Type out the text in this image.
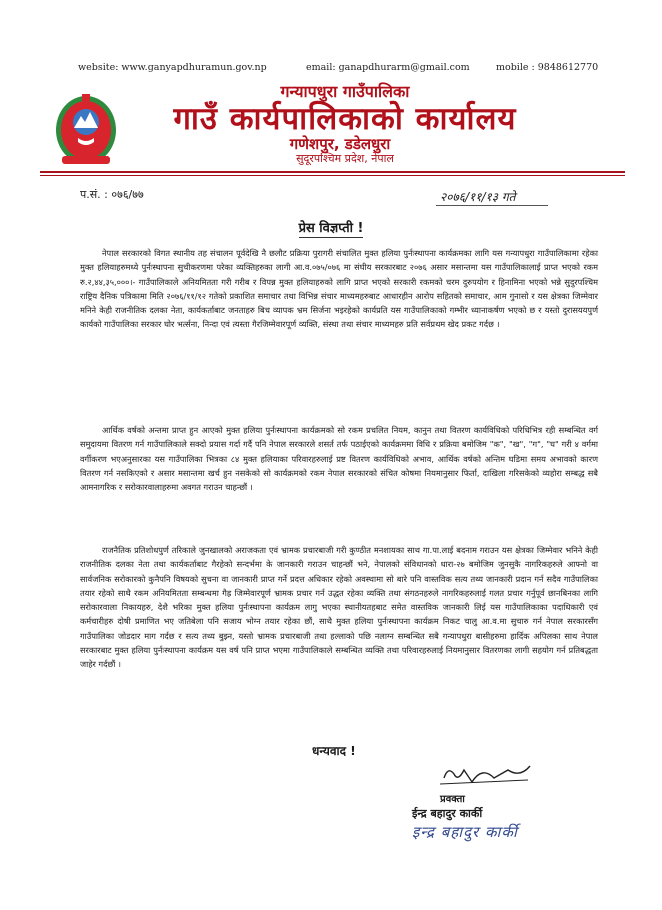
website: www.ganyapdhuramun.gov.np	email: ganapdhurarm@gmail.com	mobile : 9848612770
गन्यापधुरा गाउँपालिका
गाउँ कार्यपालिकाको कार्यालय
गणेशपुर, डडेलधुरा
सुदूरपश्चिम प्रदेश, नेपाल
प.सं. : ०७६/७७	२०७६/११/१३ गते
प्रेस विज्ञप्ती !
नेपाल सरकारको विगत स्थानीय तह संचालन पूर्वदेखि नै छलौट प्रक्रिया पुरागरी संचालित मुक्त हलिया पुर्नःस्थापना कार्यक्रमका लागि यस गन्यापधुरा गाउँपालिकामा रहेका मुक्त हलियाहरुमध्ये पुर्नःस्थापना सुचीकरणमा परेका व्यक्तिहरुका लागी आ.व.०७५/०७६ मा संघीय सरकारबाट २०७६ असार मसान्तमा यस गाउँपालिकालाई प्राप्त भएको रकम रु.२,४४,३५,०००।- गाउँपालिकाले अनियमितता गरी गरीब र विपन्न मुक्त हलियाहरुको लागि प्राप्त भएको सरकारी रकमको चरम दुरुपयोग र हिनामिना भएको भन्ने सुदुरपश्चिम राष्ट्रिय दैनिक पत्रिकामा मिति २०७६/११/१२ गतेको प्रकाशित समाचार तथा विभिन्न संचार माध्यमहरुबाट आधारहीन आरोप सहितको समाचार, आम गुनासो र यस क्षेत्रका जिम्मेवार मनिने केही राजनीतिक दलका नेता, कार्यकर्ताबाट जनताहरु बिच व्यापक भ्रम सिर्जना भइरहेको कार्यप्रति यस गाउँपालिकाको गम्भीर ध्यानाकर्षण भएको छ र यस्तो दुरासययपुर्ण कार्यको गाउँपालिका सरकार घोर भर्त्सना, निन्दा एवं त्यस्ता गैरजिम्मेवारपूर्ण व्यक्ति, संस्था तथा संचार माध्यमहरु प्रति सर्वप्रथम खेद प्रकट गर्दछ ।
आर्थिक वर्षको अन्तमा प्राप्त हुन आएको मुक्त हलिया पुर्नःस्थापना कार्यक्रमको सो रकम प्रचलित नियम, कानुन तथा वितरण कार्यविधिको परिधिभित्र रही सम्बन्धित वर्ग समुदायमा वितरण गर्न गाउँपालिकाले सक्दो प्रयास गर्दा गर्दै पनि नेपाल सरकारले शसर्त तर्फ पठाईएको कार्यक्रममा विधि र प्रक्रिया बमोजिम "क", "ख", "ग", "घ" गरी ४ वर्गमा वर्गीकरण भएअनुसारका यस गाउँपालिका भित्रका ८४ मुक्त हलियाका परिवारहरुलाई प्रष्ट वितरण कार्यविधिको अभाव, आर्थिक वर्षको अन्तिम घडिमा समय अभावको कारण वितरण गर्न नसकिएको र असार मसान्तमा खर्च हुन नसकेको सो कार्यक्रमको रकम नेपाल सरकारको संचित कोषमा नियमानुसार फिर्ता, दाखिला गरिसकेको व्यहोरा सम्बद्ध सबै आमनागरिक र सरोकारवालाहरुमा अवगत गराउन चाहन्छौं ।
राजनैतिक प्रतिशोधपुर्ण तरिकाले जुनखालको अराजकता एवं भ्रामक प्रचारबाजी गरी कुण्ठीत मनशायका साथ गा.पा.लाई बदनाम गराउन यस क्षेत्रका जिम्मेवार भनिने केही राजनीतिक दलका नेता तथा कार्यकर्ताबाट गैरहेको सन्दर्भमा के जानकारी गराउन चाहन्छौं भने, नेपालको संविधानको धारा-२७ बमोजिम जुनसुकै नागरिकहरुले आफ्नो वा सार्वजनिक सरोकारको कुनैपनि विषयको सुचना वा जानकारी प्राप्त गर्ने प्रदत्त अधिकार रहेको अवस्थामा सो बारे पनि वास्तविक सत्य तथ्य जानकारी प्रदान गर्न सदैव गाउँपालिका तयार रहेको साथै रकम अनियमितता सम्बन्धमा गैह्र जिम्मेवारपूर्ण भ्रामक प्रचार गर्न उद्धत रहेका व्यक्ति तथा संगठनहरुले नागरिकहरुलाई गलत प्रचार गर्नुपूर्व छानबिनका लागि सरोकारवाला निकायहरु, देशै भरिका मुक्त हलिया पुर्नःस्थापना कार्यक्रम लागु भएका स्थानीयतहबाट समेत वास्तविक जानकारी लिई यस गाउँपालिकाका पदाधिकारी एवं कर्मचारीहरु दोषी प्रमाणित भए जतिबेला पनि सजाय भोग्न तयार रहेका छौं, साथै मुक्त हलिया पुर्नःस्थापना कार्यक्रम निकट चालु आ.व.मा सुचारु गर्न नेपाल सरकारसँग गाउँपालिका जोडदार माग गर्दछ र सत्य तथ्य बुझ्न, यस्तो भ्रामक प्रचारबाजी तथा हल्लाको पछि नलाग्न सम्बन्धित सबै गन्यापधुरा बासीहरुमा हार्दिक अपिलका साथ नेपाल सरकारबाट मुक्त हलिया पुर्नःस्थापना कार्यक्रम यस वर्ष पनि प्राप्त भएमा गाउँपालिकाले सम्बन्धित व्यक्ति तथा परिवारहरुलाई नियमानुसार वितरणका लागी सहयोग गर्न प्रतिबद्धता जाहेर गर्दछौं ।
धन्यवाद !
प्रवक्ता
ईन्द्र बहादुर कार्की
इन्द्र बहादुर कार्की
